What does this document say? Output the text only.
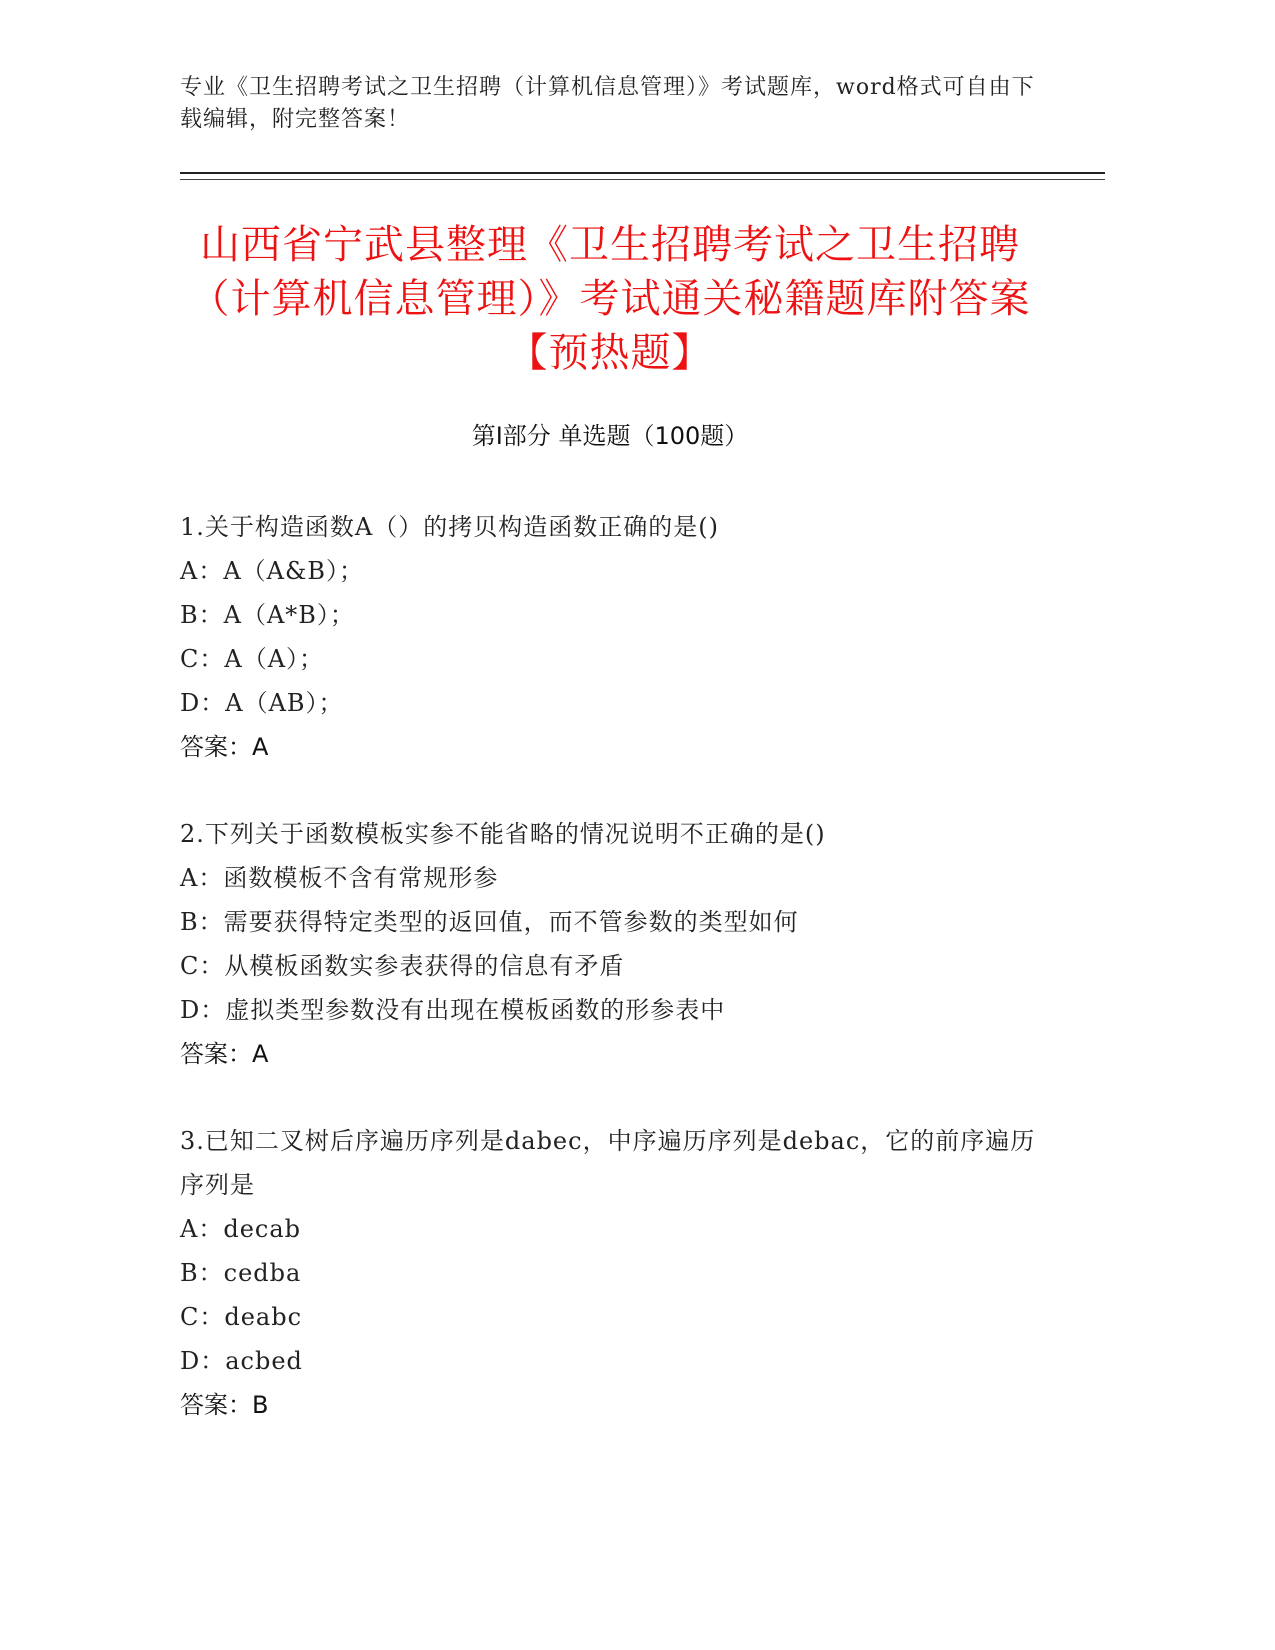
专业《卫生招聘考试之卫生招聘（计算机信息管理）》考试题库，word格式可自由下载编辑，附完整答案！
山西省宁武县整理《卫生招聘考试之卫生招聘（计算机信息管理）》考试通关秘籍题库附答案【预热题】
第I部分 单选题（100题）
1.关于构造函数A（）的拷贝构造函数正确的是()
A：A（A&B）；
B：A（A*B）；
C：A（A）；
D：A（AB）；
答案：A
2.下列关于函数模板实参不能省略的情况说明不正确的是()
A：函数模板不含有常规形参
B：需要获得特定类型的返回值，而不管参数的类型如何
C：从模板函数实参表获得的信息有矛盾
D：虚拟类型参数没有出现在模板函数的形参表中
答案：A
3.已知二叉树后序遍历序列是dabec，中序遍历序列是debac，它的前序遍历序列是
A：decab
B：cedba
C：deabc
D：acbed
答案：B
